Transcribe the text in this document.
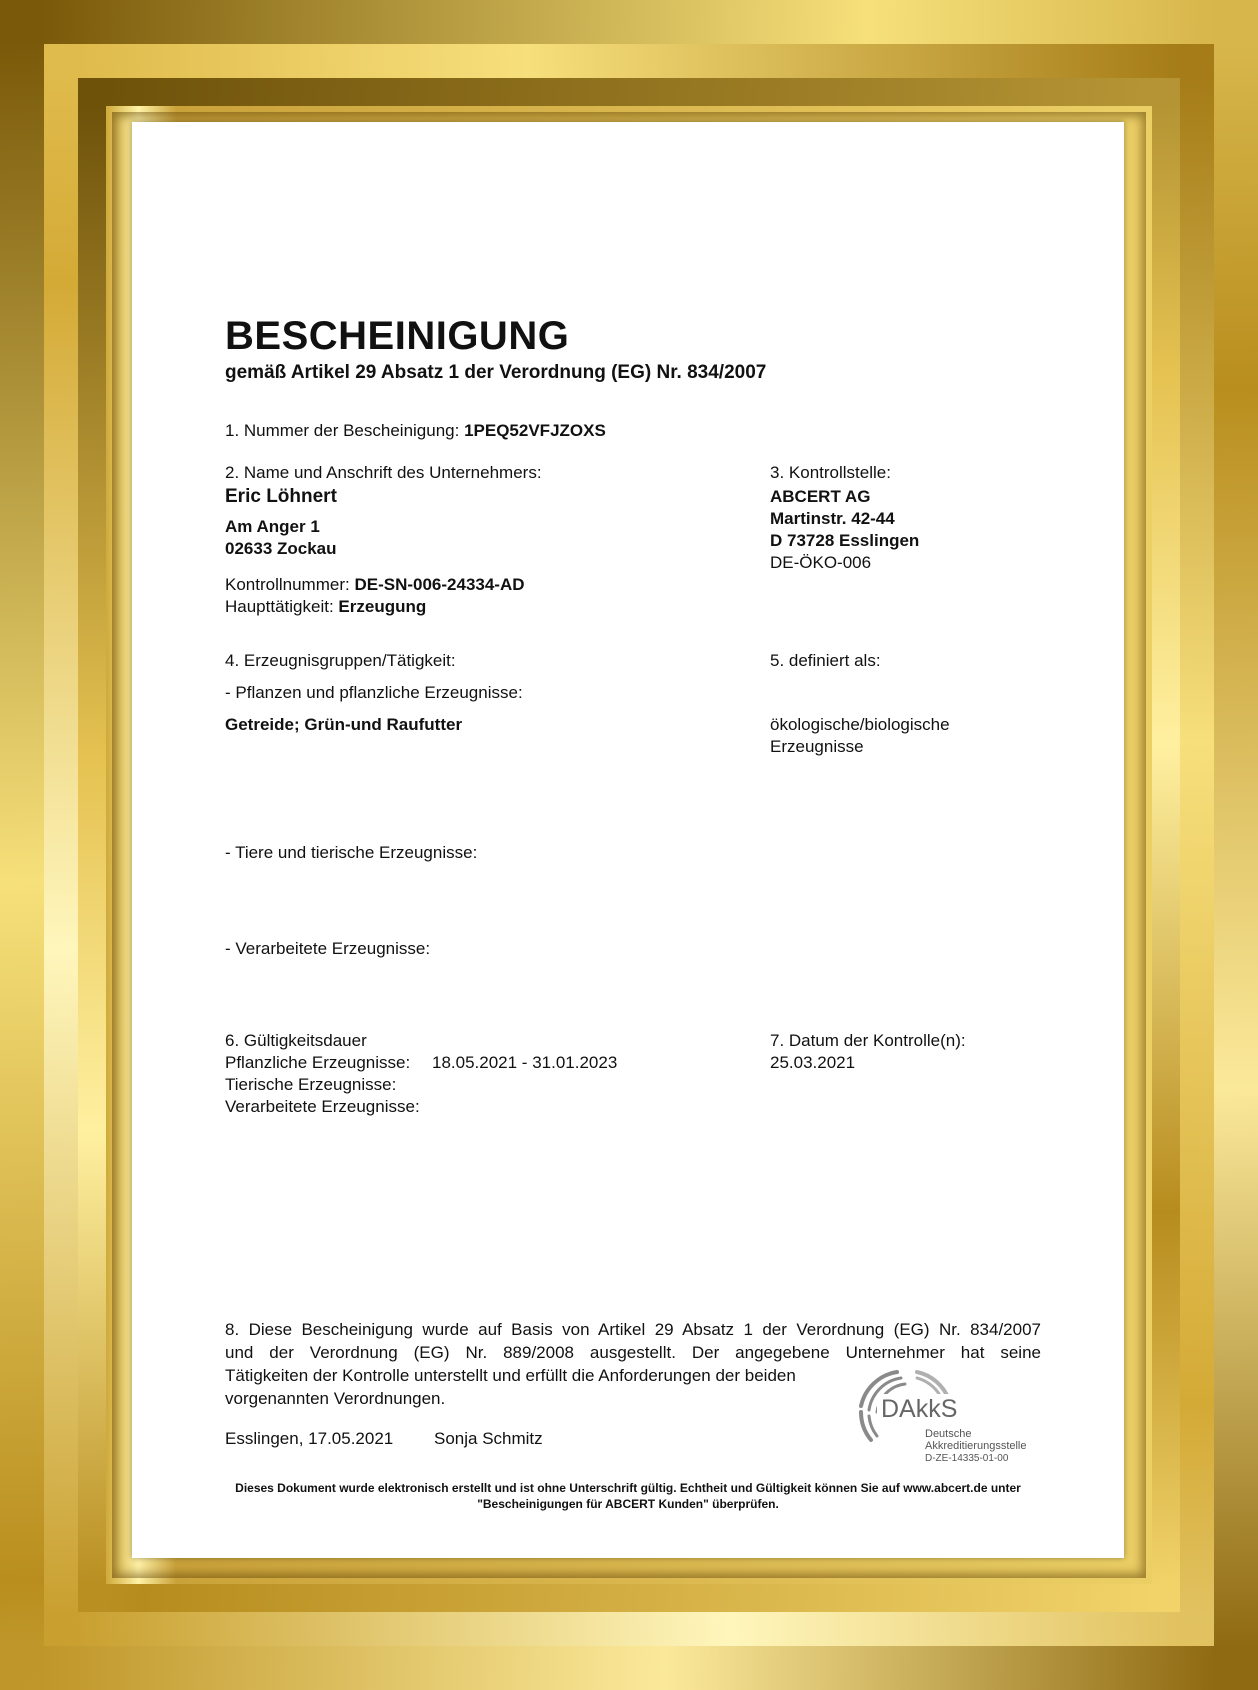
BESCHEINIGUNG
gemäß Artikel 29 Absatz 1 der Verordnung (EG) Nr. 834/2007
1. Nummer der Bescheinigung: 1PEQ52VFJZOXS
2. Name und Anschrift des Unternehmers:
Eric Löhnert
Am Anger 1
02633 Zockau
Kontrollnummer: DE-SN-006-24334-AD
Haupttätigkeit: Erzeugung
3. Kontrollstelle:
ABCERT AG
Martinstr. 42-44
D 73728 Esslingen
DE-ÖKO-006
4. Erzeugnisgruppen/Tätigkeit:
- Pflanzen und pflanzliche Erzeugnisse:
Getreide; Grün-und Raufutter
- Tiere und tierische Erzeugnisse:
- Verarbeitete Erzeugnisse:
5. definiert als:
ökologische/biologische
Erzeugnisse
6. Gültigkeitsdauer
Pflanzliche Erzeugnisse: 18.05.2021 - 31.01.2023
Tierische Erzeugnisse:
Verarbeitete Erzeugnisse:
7. Datum der Kontrolle(n):
25.03.2021
8. Diese Bescheinigung wurde auf Basis von Artikel 29 Absatz 1 der Verordnung (EG) Nr. 834/2007
und der Verordnung (EG) Nr. 889/2008 ausgestellt. Der angegebene Unternehmer hat seine
Tätigkeiten der Kontrolle unterstellt und erfüllt die Anforderungen der beiden
vorgenannten Verordnungen.
Esslingen, 17.05.2021 Sonja Schmitz
DAkkS
Deutsche
Akkreditierungsstelle
D-ZE-14335-01-00
Dieses Dokument wurde elektronisch erstellt und ist ohne Unterschrift gültig. Echtheit und Gültigkeit können Sie auf www.abcert.de unter
"Bescheinigungen für ABCERT Kunden" überprüfen.
